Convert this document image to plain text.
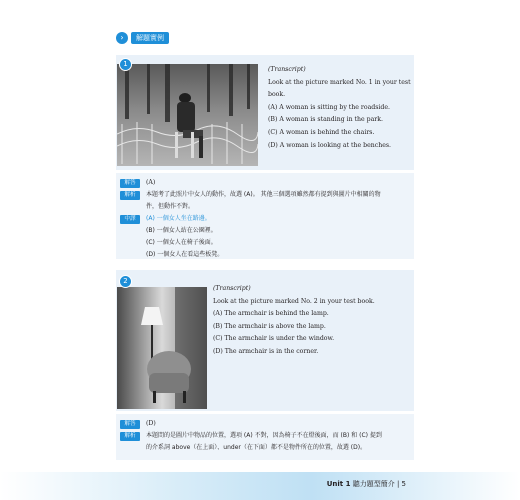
›	解題實例
1
(Transcript)
Look at the picture marked No. 1 in your test book.
(A) A woman is sitting by the roadside.
(B) A woman is standing in the park.
(C) A woman is behind the chairs.
(D) A woman is looking at the benches.
解答	(A)
解析	本題考了此照片中女人的動作，故選 (A)。 其他三個選項雖然都有提到與圖片中相關的物
件，但動作不對。
中譯	(A) 一個女人坐在路邊。
(B) 一個女人站在公園裡。
(C) 一個女人在椅子後面。
(D) 一個女人在看這些板凳。
2
(Transcript)
Look at the picture marked No. 2 in your test book.
(A) The armchair is behind the lamp.
(B) The armchair is above the lamp.
(C) The armchair is under the window.
(D) The armchair is in the corner.
解答	(D)
解析	本題問的是圖片中物品的位置，選項 (A) 不對，因為椅子不在燈後面，而 (B) 和 (C) 提到
的介系詞 above（在上面）、under（在下面）都不是物件所在的位置，故選 (D)。
Unit 1 聽力題型簡介 | 5
